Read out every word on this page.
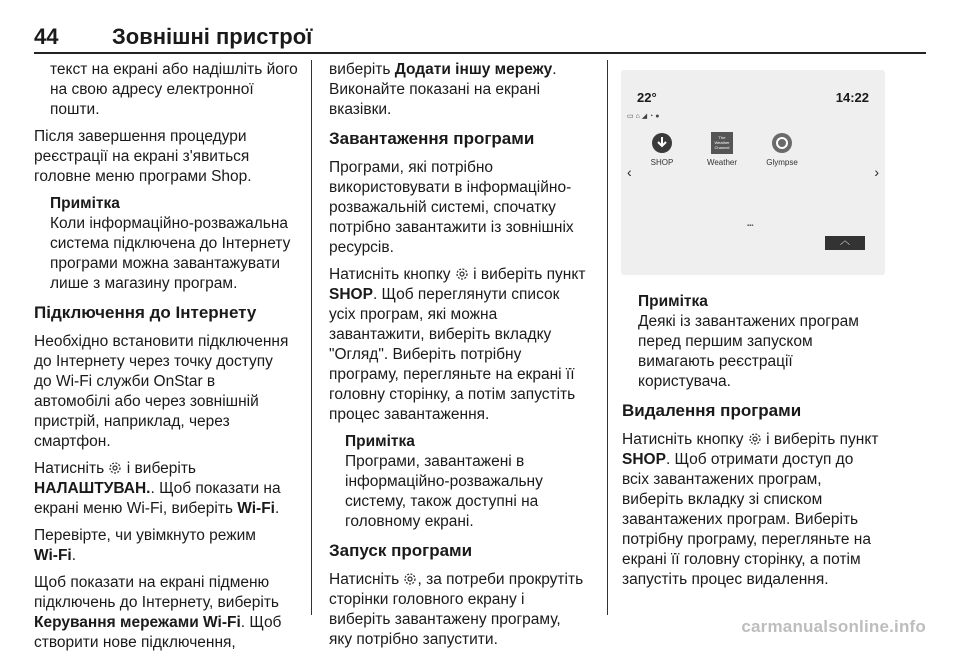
44 Зовнішні пристрої

текст на екрані або надішліть його
на свою адресу електронної
пошти.

Після завершення процедури
реєстрації на екрані з'явиться
головне меню програми Shop.

Примітка

Коли інформаційно-розважальна
система підключена до Інтернету
програми можна завантажувати
лише з магазину програм.

Підключення до Інтернету

Необхідно встановити підключення
до Інтернету через точку доступу
до Wi-Fi служби OnStar в
автомобілі або через зовнішній
пристрій, наприклад, через
смартфон.

Натисніть і виберіть
НАЛАШТУВАН.. Щоб показати на
екрані меню Wi-Fi, виберіть Wi-Fi.

Перевірте, чи увімкнуто режим
Wi-Fi.

Щоб показати на екрані підменю
підключень до Інтернету, виберіть
Керування мережами Wi-Fi. Щоб
створити нове підключення,

виберіть Додати іншу мережу.
Виконайте показані на екрані
вказівки.

Завантаження програми

Програми, які потрібно
використовувати в інформаційно-
розважальній системі, спочатку
потрібно завантажити із зовнішніх
ресурсів.

Натисніть кнопку і виберіть пункт
SHOP. Щоб переглянути список
усіх програм, які можна
завантажити, виберіть вкладку
"Огляд". Виберіть потрібну
програму, перегляньте на екрані її
головну сторінку, а потім запустіть
процес завантаження.

Примітка

Програми, завантажені в
інформаційно-розважальну
систему, також доступні на
головному екрані.

Запуск програми

Натисніть , за потреби прокрутіть
сторінки головного екрану і
виберіть завантажену програму,
яку потрібно запустити.

22°	14:22
▭ ⌂ ◢ ◔ ●
‹	›
SHOP
The Weather Channel
Weather	Glympse
▪▪▪
︿
Примітка

Деякі із завантажених програм
перед першим запуском
вимагають реєстрації
користувача.

Видалення програми

Натисніть кнопку і виберіть пункт
SHOP. Щоб отримати доступ до
всіх завантажених програм,
виберіть вкладку зі списком
завантажених програм. Виберіть
потрібну програму, перегляньте на
екрані її головну сторінку, а потім
запустіть процес видалення.

carmanualsonline.info
